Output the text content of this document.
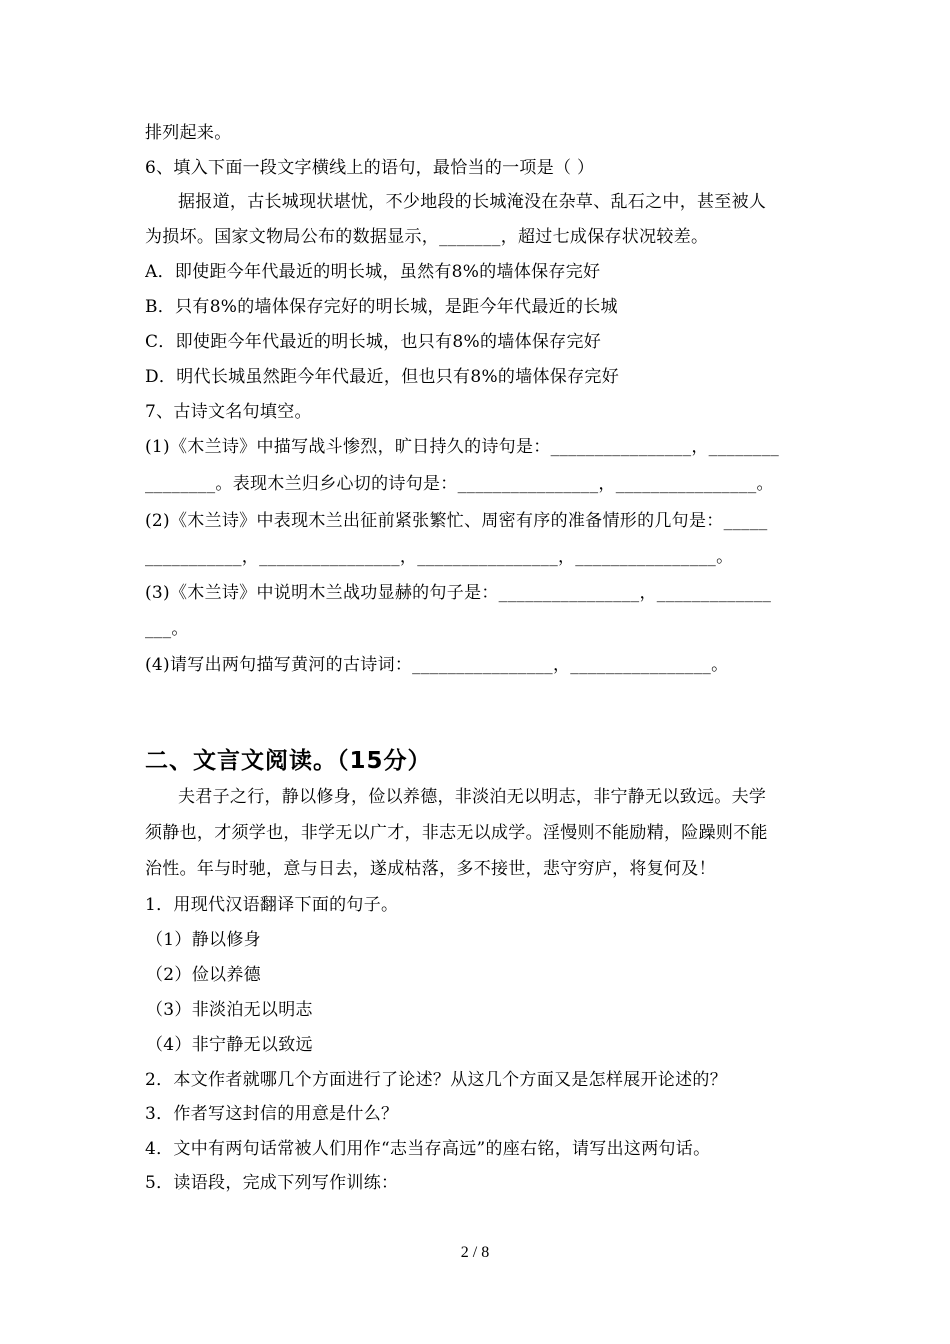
排列起来。
6、填入下面一段文字横线上的语句，最恰当的一项是（ ）
据报道，古长城现状堪忧，不少地段的长城淹没在杂草、乱石之中，甚至被人
为损坏。国家文物局公布的数据显示，_______，超过七成保存状况较差。
A．即使距今年代最近的明长城，虽然有8%的墙体保存完好
B．只有8%的墙体保存完好的明长城，是距今年代最近的长城
C．即使距今年代最近的明长城，也只有8%的墙体保存完好
D．明代长城虽然距今年代最近，但也只有8%的墙体保存完好
7、古诗文名句填空。
(1)《木兰诗》中描写战斗惨烈，旷日持久的诗句是：________________，________
________。表现木兰归乡心切的诗句是：________________，________________。
(2)《木兰诗》中表现木兰出征前紧张繁忙、周密有序的准备情形的几句是：_____
___________，________________，________________，________________。
(3)《木兰诗》中说明木兰战功显赫的句子是：________________，_____________
___。
(4)请写出两句描写黄河的古诗词：________________，________________。
二、文言文阅读。（15分）
夫君子之行，静以修身，俭以养德，非淡泊无以明志，非宁静无以致远。夫学
须静也，才须学也，非学无以广才，非志无以成学。淫慢则不能励精，险躁则不能
治性。年与时驰，意与日去，遂成枯落，多不接世，悲守穷庐，将复何及！
1．用现代汉语翻译下面的句子。
（1）静以修身
（2）俭以养德
（3）非淡泊无以明志
（4）非宁静无以致远
2．本文作者就哪几个方面进行了论述？从这几个方面又是怎样展开论述的？
3．作者写这封信的用意是什么？
4．文中有两句话常被人们用作“志当存高远”的座右铭，请写出这两句话。
5．读语段，完成下列写作训练：
2 / 8
